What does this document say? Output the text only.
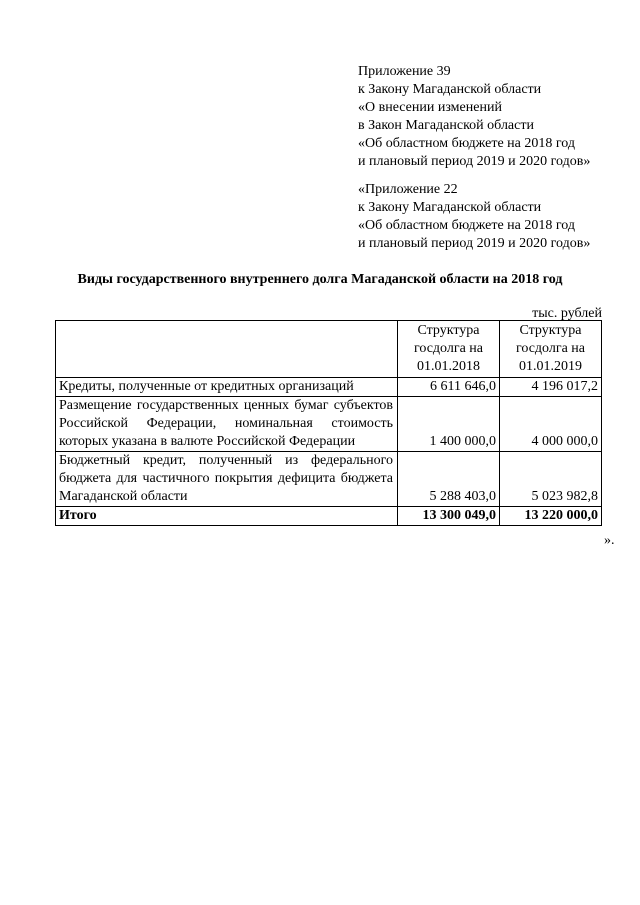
Приложение 39
к Закону Магаданской области
«О внесении изменений
в Закон Магаданской области
«Об областном бюджете на 2018 год
и плановый период 2019 и 2020 годов»
«Приложение 22
к Закону Магаданской области
«Об областном бюджете на 2018 год
и плановый период 2019 и 2020 годов»
Виды государственного внутреннего долга Магаданской области на 2018 год
тыс. рублей
	Структура госдолга на 01.01.2018	Структура госдолга на 01.01.2019
Кредиты, полученные от кредитных организаций	6 611 646,0	4 196 017,2
Размещение государственных ценных бумаг субъектов Российской Федерации, номинальная стоимость которых указана в валюте Российской Федерации	1 400 000,0	4 000 000,0
Бюджетный кредит, полученный из федерального бюджета для частичного покрытия дефицита бюджета Магаданской области	5 288 403,0	5 023 982,8
Итого	13 300 049,0	13 220 000,0
».
